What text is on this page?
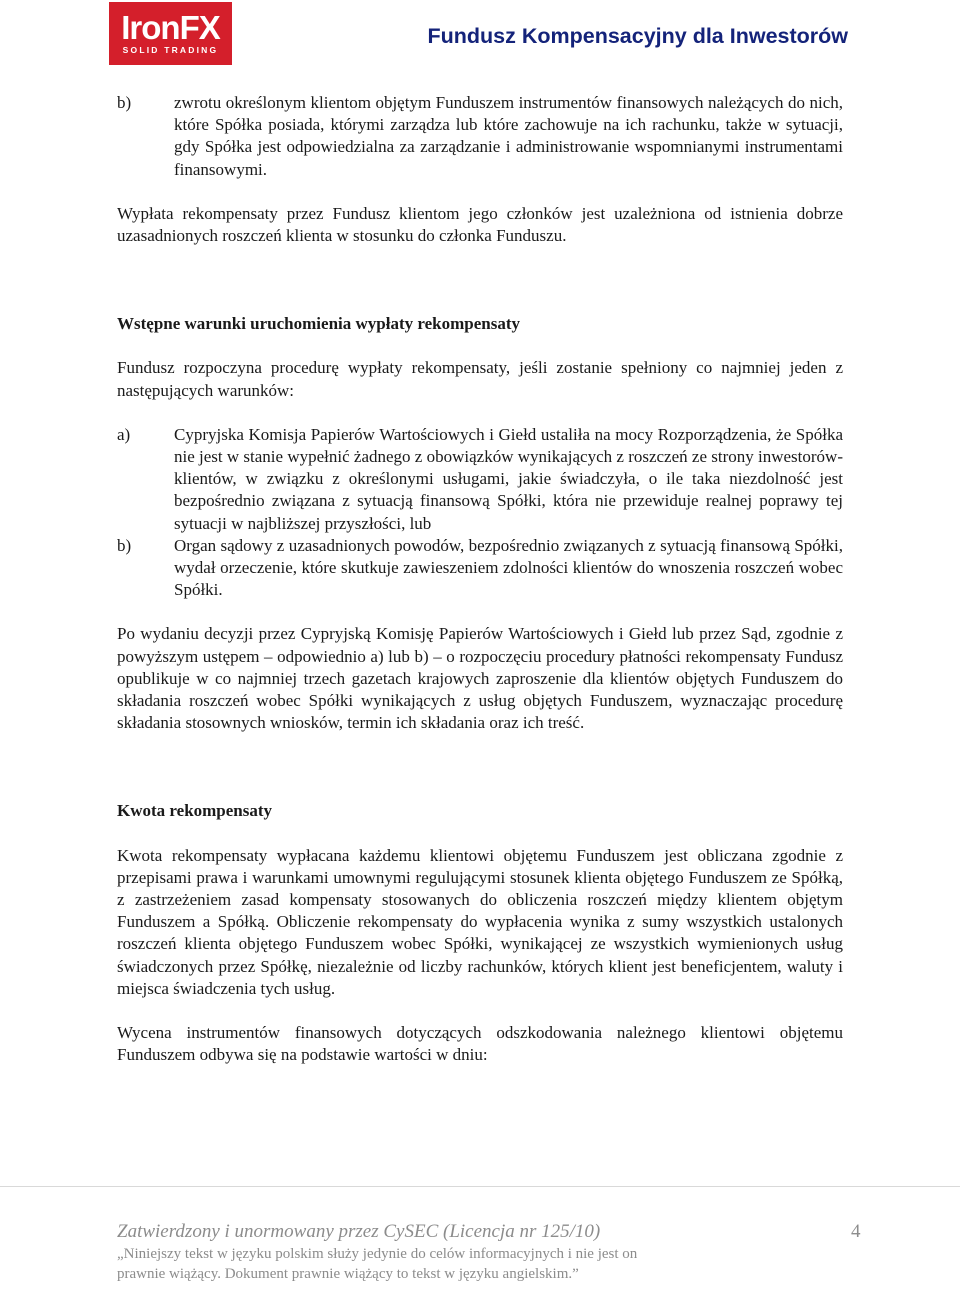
IronFX
SOLID TRADING
Fundusz Kompensacyjny dla Inwestorów
b)	zwrotu określonym klientom objętym Funduszem instrumentów finansowych należących do nich, które Spółka posiada, którymi zarządza lub które zachowuje na ich rachunku, także w sytuacji, gdy Spółka jest odpowiedzialna za zarządzanie i administrowanie wspomnianymi instrumentami finansowymi.

Wypłata rekompensaty przez Fundusz klientom jego członków jest uzależniona od istnienia dobrze uzasadnionych roszczeń klienta w stosunku do członka Funduszu.

Wstępne warunki uruchomienia wypłaty rekompensaty

Fundusz rozpoczyna procedurę wypłaty rekompensaty, jeśli zostanie spełniony co najmniej jeden z następujących warunków:

a)	Cypryjska Komisja Papierów Wartościowych i Giełd ustaliła na mocy Rozporządzenia, że Spółka nie jest w stanie wypełnić żadnego z obowiązków wynikających z roszczeń ze strony inwestorów-klientów, w związku z określonymi usługami, jakie świadczyła, o ile taka niezdolność jest bezpośrednio związana z sytuacją finansową Spółki, która nie przewiduje realnej poprawy tej sytuacji w najbliższej przyszłości, lub
b)	Organ sądowy z uzasadnionych powodów, bezpośrednio związanych z sytuacją finansową Spółki, wydał orzeczenie, które skutkuje zawieszeniem zdolności klientów do wnoszenia roszczeń wobec Spółki.

Po wydaniu decyzji przez Cypryjską Komisję Papierów Wartościowych i Giełd lub przez Sąd, zgodnie z powyższym ustępem – odpowiednio a) lub b) – o rozpoczęciu procedury płatności rekompensaty Fundusz opublikuje w co najmniej trzech gazetach krajowych zaproszenie dla klientów objętych Funduszem do składania roszczeń wobec Spółki wynikających z usług objętych Funduszem, wyznaczając procedurę składania stosownych wniosków, termin ich składania oraz ich treść.

Kwota rekompensaty

Kwota rekompensaty wypłacana każdemu klientowi objętemu Funduszem jest obliczana zgodnie z przepisami prawa i warunkami umownymi regulującymi stosunek klienta objętego Funduszem ze Spółką, z zastrzeżeniem zasad kompensaty stosowanych do obliczenia roszczeń między klientem objętym Funduszem a Spółką. Obliczenie rekompensaty do wypłacenia wynika z sumy wszystkich ustalonych roszczeń klienta objętego Funduszem wobec Spółki, wynikającej ze wszystkich wymienionych usług świadczonych przez Spółkę, niezależnie od liczby rachunków, których klient jest beneficjentem, waluty i miejsca świadczenia tych usług.

Wycena instrumentów finansowych dotyczących odszkodowania należnego klientowi objętemu Funduszem odbywa się na podstawie wartości w dniu:

Zatwierdzony i unormowany przez CySEC (Licencja nr 125/10)	4
„Niniejszy tekst w języku polskim służy jedynie do celów informacyjnych i nie jest on prawnie wiążący. Dokument prawnie wiążący to tekst w języku angielskim.”
